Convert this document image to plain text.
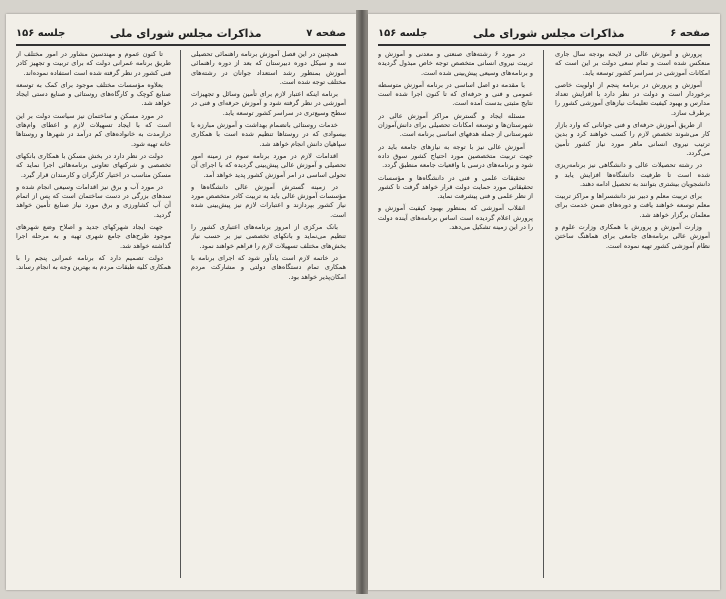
صفحه ۷
مذاکرات مجلس شورای ملی
جلسه ۱۵۶

همچنین در این فصل آموزش برنامه راهنمائی تحصیلی سه و سیکل دوره دبیرستان که بعد از دوره راهنمائی آموزش بمنظور رشد استعداد جوانان در رشته‌های مختلف توجه شده است.

برنامه اینکه اعتبار لازم برای تأمین وسائل و تجهیزات آموزشی در نظر گرفته شود و آموزش حرفه‌ای و فنی در سطح وسیع‌تری در سراسر کشور توسعه یابد.

خدمات روستائی بانضمام بهداشت و آموزش مبارزه با بیسوادی که در روستاها تنظیم شده است با همکاری سپاهیان دانش انجام خواهد شد.

اقدامات لازم در مورد برنامه سوم در زمینه امور تحصیلی و آموزش عالی پیش‌بینی گردیده که با اجرای آن تحولی اساسی در امر آموزش کشور پدید خواهد آمد.

در زمینه گسترش آموزش عالی دانشگاه‌ها و مؤسسات آموزش عالی باید به تربیت کادر متخصص مورد نیاز کشور بپردازند و اعتبارات لازم نیز پیش‌بینی شده است.

بانک مرکزی از امروز برنامه‌های اعتباری کشور را تنظیم می‌نماید و بانکهای تخصصی نیز بر حسب نیاز بخش‌های مختلف تسهیلات لازم را فراهم خواهند نمود.

در خاتمه لازم است یادآور شود که اجرای برنامه با همکاری تمام دستگاه‌های دولتی و مشارکت مردم امکان‌پذیر خواهد بود.

تا کنون عموم و مهندسین مشاور در امور مختلف از طریق برنامه عمرانی دولت که برای تربیت و تجهیز کادر فنی کشور در نظر گرفته شده است استفاده نموده‌اند.

بعلاوه مؤسسات مختلف موجود برای کمک به توسعه صنایع کوچک و کارگاه‌های روستائی و صنایع دستی ایجاد خواهد شد.

در مورد مسکن و ساختمان نیز سیاست دولت بر این است که با ایجاد تسهیلات لازم و اعطای وام‌های درازمدت به خانواده‌های کم درآمد در شهرها و روستاها خانه تهیه شود.

دولت در نظر دارد در بخش مسکن با همکاری بانکهای تخصصی و شرکتهای تعاونی برنامه‌هائی اجرا نماید که مسکن مناسب در اختیار کارگران و کارمندان قرار گیرد.

در مورد آب و برق نیز اقدامات وسیعی انجام شده و سدهای بزرگی در دست ساختمان است که پس از اتمام آن آب کشاورزی و برق مورد نیاز صنایع تأمین خواهد گردید.

جهت ایجاد شهرکهای جدید و اصلاح وضع شهرهای موجود طرح‌های جامع شهری تهیه و به مرحله اجرا گذاشته خواهد شد.

دولت تصمیم دارد که برنامه عمرانی پنجم را با همکاری کلیه طبقات مردم به بهترین وجه به انجام رساند.

صفحه ۶
مذاکرات مجلس شورای ملی
جلسه ۱۵۶

پرورش و آموزش عالی در لایحه بودجه سال جاری منعکس شده است و تمام سعی دولت بر این است که امکانات آموزشی در سراسر کشور توسعه یابد.

آموزش و پرورش در برنامه پنجم از اولویت خاصی برخوردار است و دولت در نظر دارد با افزایش تعداد مدارس و بهبود کیفیت تعلیمات نیازهای آموزشی کشور را برطرف سازد.

از طریق آموزش حرفه‌ای و فنی جوانانی که وارد بازار کار می‌شوند تخصص لازم را کسب خواهند کرد و بدین ترتیب نیروی انسانی ماهر مورد نیاز کشور تأمین می‌گردد.

در رشته تحصیلات عالی و دانشگاهی نیز برنامه‌ریزی شده است تا ظرفیت دانشگاه‌ها افزایش یابد و دانشجویان بیشتری بتوانند به تحصیل ادامه دهند.

برای تربیت معلم و دبیر نیز دانشسراها و مراکز تربیت معلم توسعه خواهند یافت و دوره‌های ضمن خدمت برای معلمان برگزار خواهد شد.

وزارت آموزش و پرورش با همکاری وزارت علوم و آموزش عالی برنامه‌های جامعی برای هماهنگ ساختن نظام آموزشی کشور تهیه نموده است.

در مورد ۶ رشته‌های صنعتی و معدنی و آموزش و تربیت نیروی انسانی متخصص توجه خاص مبذول گردیده و برنامه‌های وسیعی پیش‌بینی شده است.

با مقدمه دو اصل اساسی در برنامه آموزش متوسطه عمومی و فنی و حرفه‌ای که تا کنون اجرا شده است نتایج مثبتی بدست آمده است.

مسئله ایجاد و گسترش مراکز آموزش عالی در شهرستان‌ها و توسعه امکانات تحصیلی برای دانش‌آموزان شهرستانی از جمله هدفهای اساسی برنامه است.

آموزش عالی نیز با توجه به نیازهای جامعه باید در جهت تربیت متخصصین مورد احتیاج کشور سوق داده شود و برنامه‌های درسی با واقعیات جامعه منطبق گردد.

تحقیقات علمی و فنی در دانشگاه‌ها و مؤسسات تحقیقاتی مورد حمایت دولت قرار خواهد گرفت تا کشور از نظر علمی و فنی پیشرفت نماید.

انقلاب آموزشی که بمنظور بهبود کیفیت آموزش و پرورش اعلام گردیده است اساس برنامه‌های آینده دولت را در این زمینه تشکیل می‌دهد.
